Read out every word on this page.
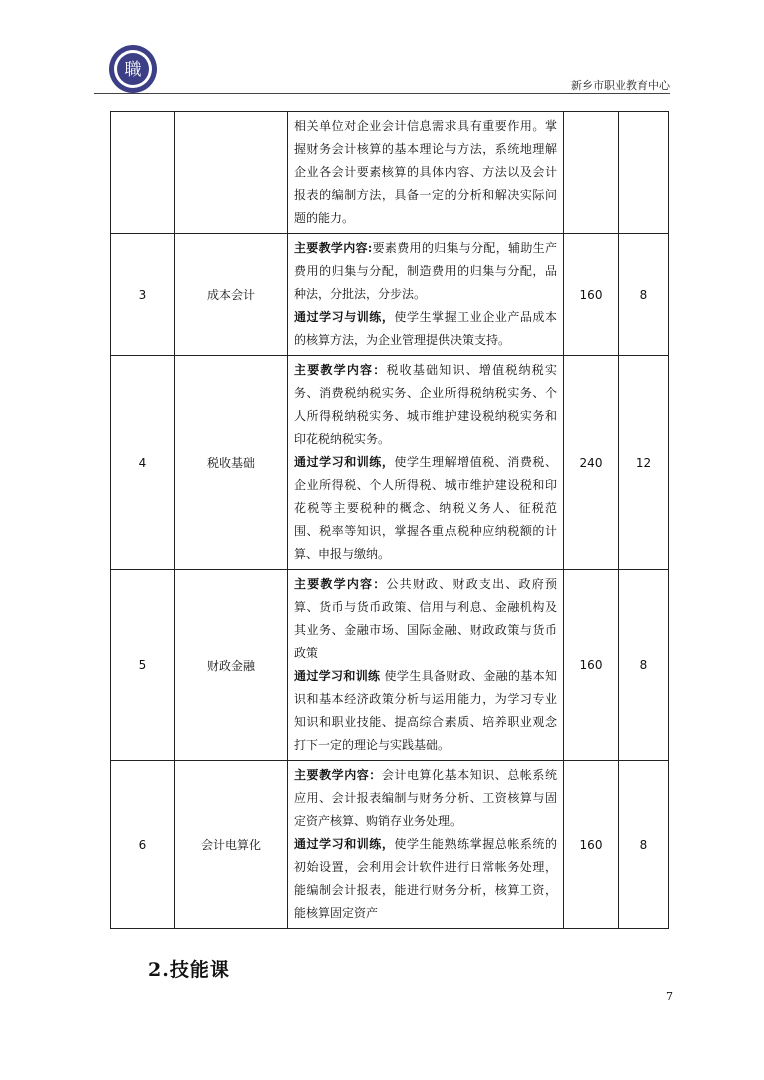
職
新乡市职业教育中心

		相关单位对企业会计信息需求具有重要作用。掌握财务会计核算的基本理论与方法，系统地理解企业各会计要素核算的具体内容、方法以及会计报表的编制方法，具备一定的分析和解决实际问题的能力。		

3	成本会计	主要教学内容:要素费用的归集与分配，辅助生产费用的归集与分配，制造费用的归集与分配，品种法，分批法，分步法。

通过学习与训练，使学生掌握工业企业产品成本的核算方法，为企业管理提供决策支持。	160	8
4	税收基础	主要教学内容：税收基础知识、增值税纳税实务、消费税纳税实务、企业所得税纳税实务、个人所得税纳税实务、城市维护建设税纳税实务和印花税纳税实务。

通过学习和训练，使学生理解增值税、消费税、企业所得税、个人所得税、城市维护建设税和印花税等主要税种的概念、纳税义务人、征税范围、税率等知识，掌握各重点税种应纳税额的计算、申报与缴纳。	240	12
5	财政金融	主要教学内容：公共财政、财政支出、政府预算、货币与货币政策、信用与利息、金融机构及其业务、金融市场、国际金融、财政政策与货币政策

通过学习和训练 使学生具备财政、金融的基本知识和基本经济政策分析与运用能力，为学习专业知识和职业技能、提高综合素质、培养职业观念打下一定的理论与实践基础。	160	8
6	会计电算化	主要教学内容：会计电算化基本知识、总帐系统应用、会计报表编制与财务分析、工资核算与固定资产核算、购销存业务处理。

通过学习和训练，使学生能熟练掌握总帐系统的初始设置，会利用会计软件进行日常帐务处理，能编制会计报表，能进行财务分析，核算工资，能核算固定资产	160	8
2.技能课
7
